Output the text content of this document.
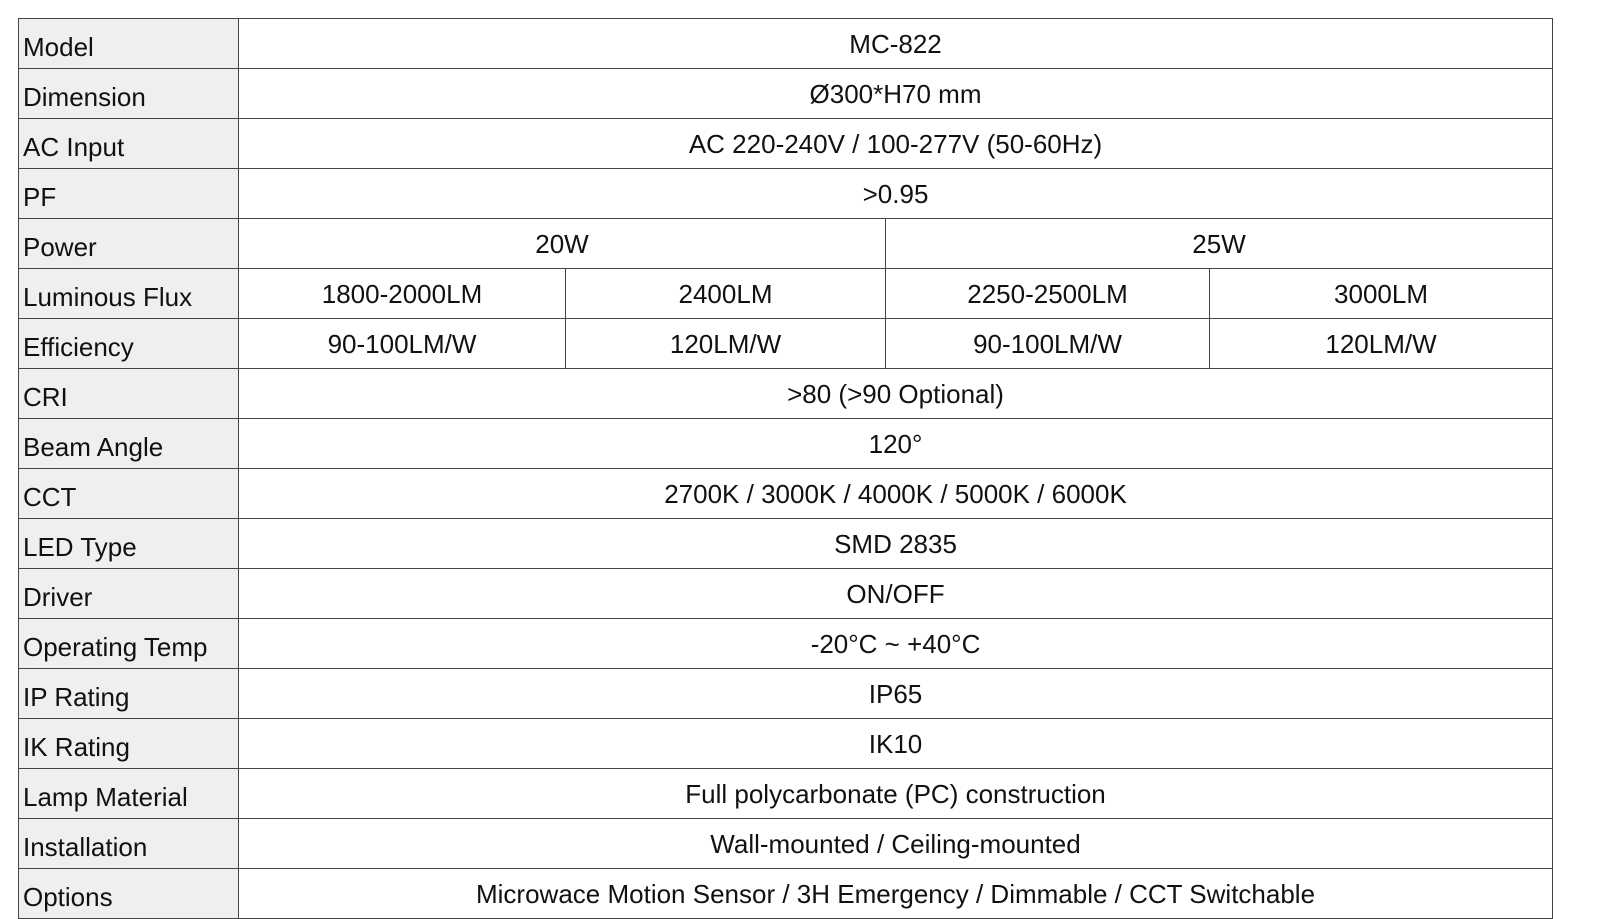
Model	MC-822			
Dimension	Ø300*H70 mm			
AC Input	AC 220-240V / 100-277V (50-60Hz)			
PF	>0.95			
Power	20W		25W	
Luminous Flux	1800-2000LM	2400LM	2250-2500LM	3000LM
Efficiency	90-100LM/W	120LM/W	90-100LM/W	120LM/W
CRI	>80 (>90 Optional)			
Beam Angle	120°			
CCT	2700K / 3000K / 4000K / 5000K / 6000K			
LED Type	SMD 2835			
Driver	ON/OFF			
Operating Temp	-20°C ~ +40°C			
IP Rating	IP65			
IK Rating	IK10			
Lamp Material	Full polycarbonate (PC) construction			
Installation	Wall-mounted / Ceiling-mounted			
Options	Microwace Motion Sensor / 3H Emergency / Dimmable / CCT Switchable			
